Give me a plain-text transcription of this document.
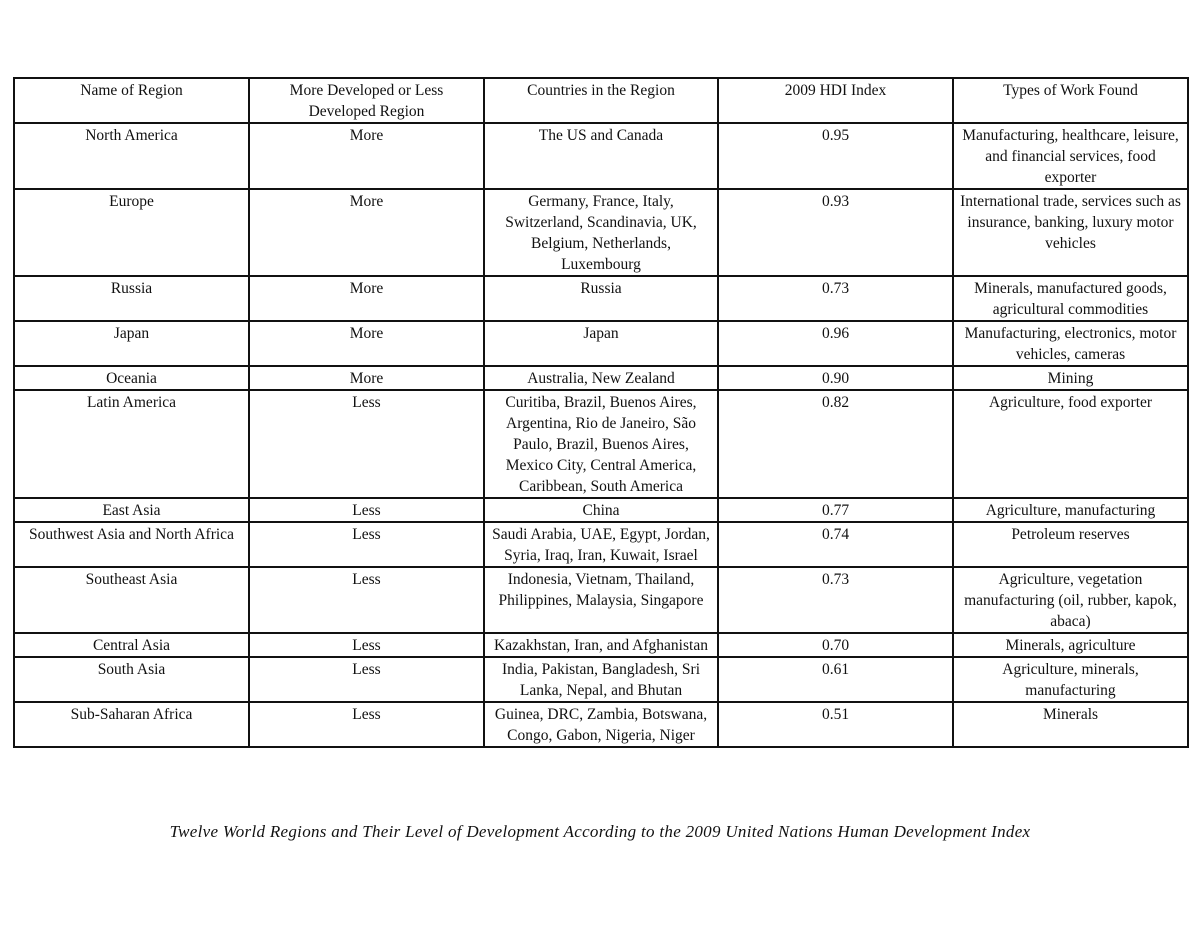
Name of Region	More Developed or Less Developed Region	Countries in the Region	2009 HDI Index	Types of Work Found
North America	More	The US and Canada	0.95	Manufacturing, healthcare, leisure, and financial services, food exporter
Europe	More	Germany, France, Italy, Switzerland, Scandinavia, UK, Belgium, Netherlands, Luxembourg	0.93	International trade, services such as insurance, banking, luxury motor vehicles
Russia	More	Russia	0.73	Minerals, manufactured goods, agricultural commodities
Japan	More	Japan	0.96	Manufacturing, electronics, motor vehicles, cameras
Oceania	More	Australia, New Zealand	0.90	Mining
Latin America	Less	Curitiba, Brazil, Buenos Aires, Argentina, Rio de Janeiro, São Paulo, Brazil, Buenos Aires, Mexico City, Central America, Caribbean, South America	0.82	Agriculture, food exporter
East Asia	Less	China	0.77	Agriculture, manufacturing
Southwest Asia and North Africa	Less	Saudi Arabia, UAE, Egypt, Jordan, Syria, Iraq, Iran, Kuwait, Israel	0.74	Petroleum reserves
Southeast Asia	Less	Indonesia, Vietnam, Thailand, Philippines, Malaysia, Singapore	0.73	Agriculture, vegetation manufacturing (oil, rubber, kapok, abaca)
Central Asia	Less	Kazakhstan, Iran, and Afghanistan	0.70	Minerals, agriculture
South Asia	Less	India, Pakistan, Bangladesh, Sri Lanka, Nepal, and Bhutan	0.61	Agriculture, minerals, manufacturing
Sub-Saharan Africa	Less	Guinea, DRC, Zambia, Botswana, Congo, Gabon, Nigeria, Niger	0.51	Minerals
Twelve World Regions and Their Level of Development According to the 2009 United Nations Human Development Index
